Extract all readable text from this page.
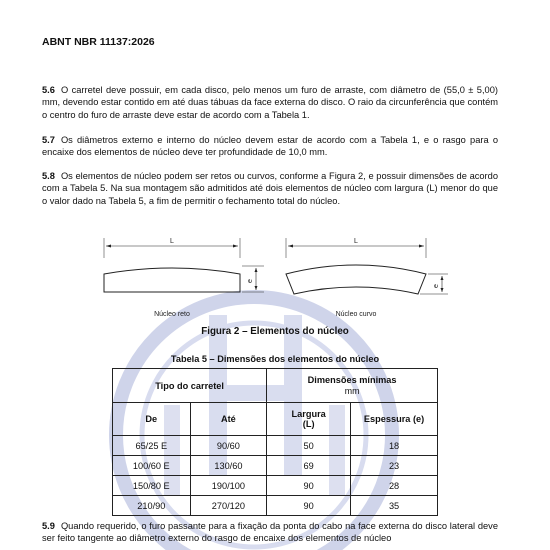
ABNT NBR 11137:2026
5.6 O carretel deve possuir, em cada disco, pelo menos um furo de arraste, com diâmetro de (55,0 ± 5,00) mm, devendo estar contido em até duas tábuas da face externa do disco. O raio da circunferência que contém o centro do furo de arraste deve estar de acordo com a Tabela 1.
5.7 Os diâmetros externo e interno do núcleo devem estar de acordo com a Tabela 1, e o rasgo para o encaixe dos elementos de núcleo deve ter profundidade de 10,0 mm.
5.8 Os elementos de núcleo podem ser retos ou curvos, conforme a Figura 2, e possuir dimensões de acordo com a Tabela 5. Na sua montagem são admitidos até dois elementos de núcleo com largura (L) menor do que o valor dado na Tabela 5, a fim de permitir o fechamento total do núcleo.
L
e
Núcleo reto
L
e
Núcleo curvo
Figura 2 – Elementos do núcleo
Tabela 5 – Dimensões dos elementos do núcleo
Tipo do carretel		Dimensões mínimas
mm	

De	Até	Largura (L)	Espessura (e)
65/25 E	90/60	50	18
100/60 E	130/60	69	23
150/80 E	190/100	90	28
210/90	270/120	90	35
5.9 Quando requerido, o furo passante para a fixação da ponta do cabo na face externa do disco lateral deve ser feito tangente ao diâmetro externo do rasgo de encaixe dos elementos de núcleo
